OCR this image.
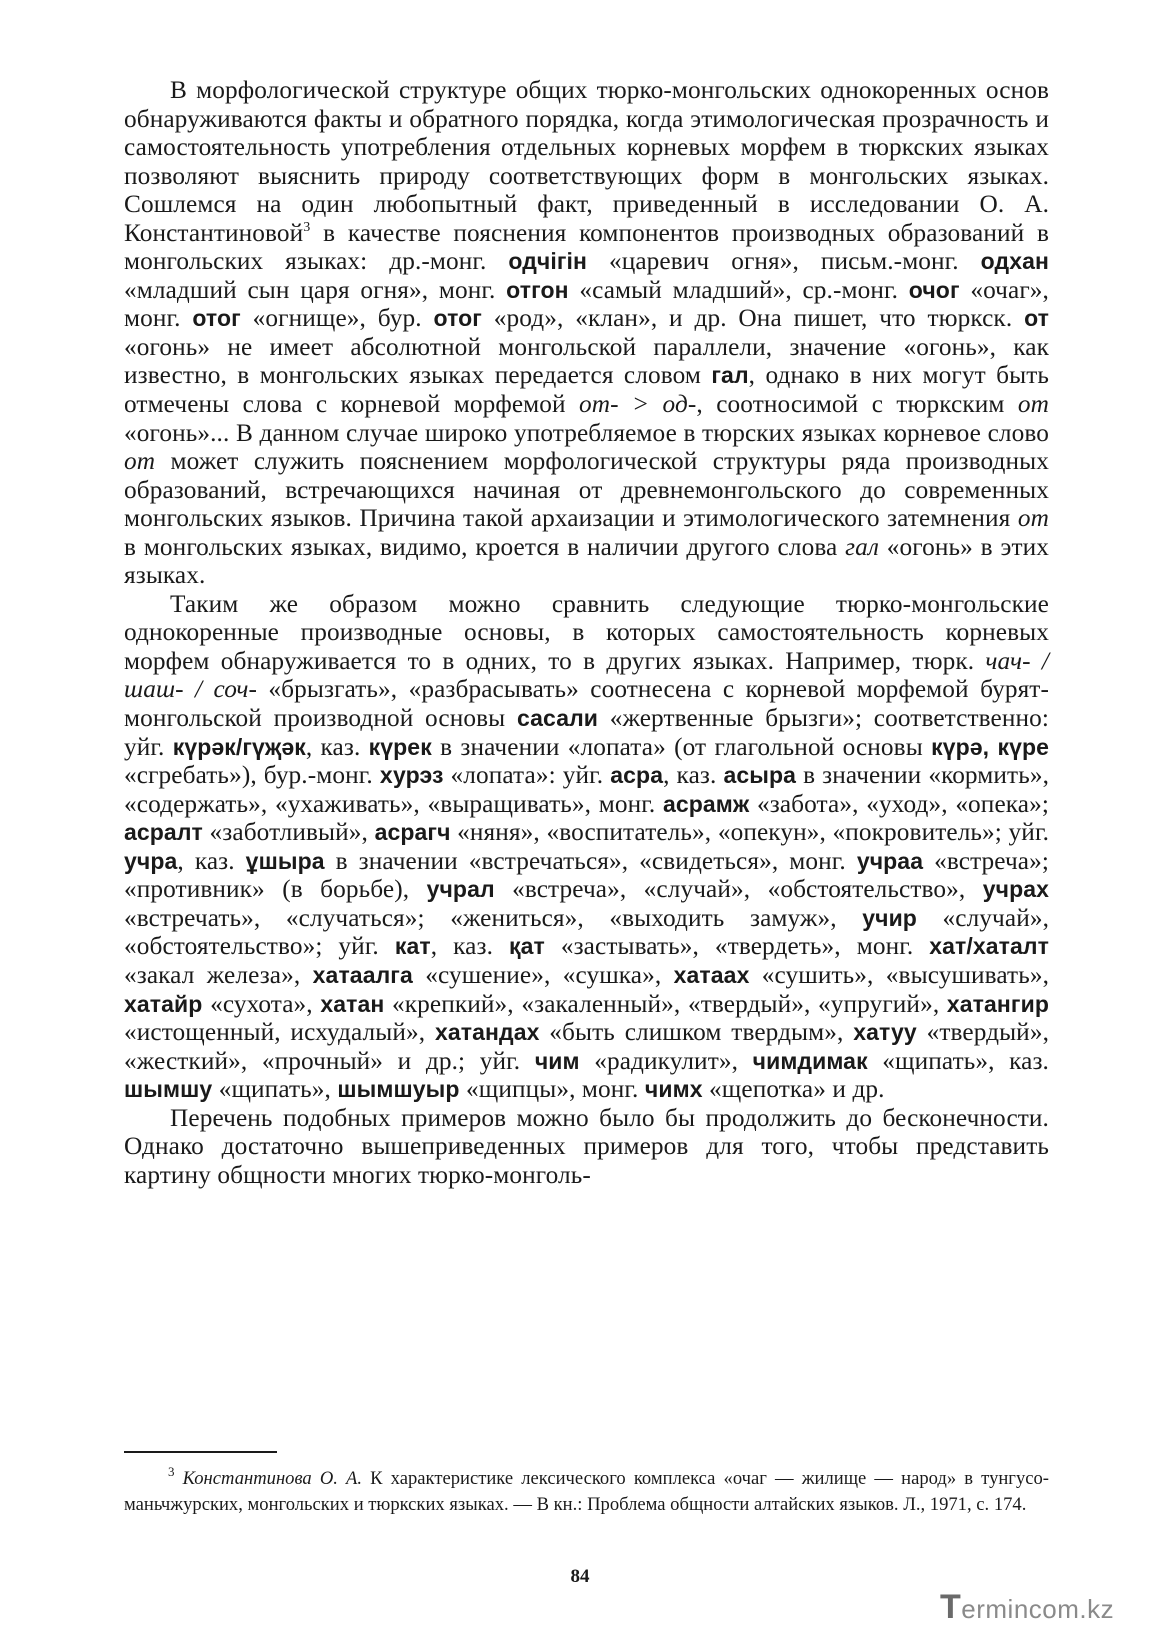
В морфологической структуре общих тюрко-монгольских однокоренных основ обнаруживаются факты и обратного порядка, когда этимологическая прозрачность и самостоятельность употребления отдельных корневых морфем в тюркских языках позволяют выяснить природу соответствующих форм в монгольских языках. Сошлемся на один любопытный факт, приведенный в исследовании О. А. Константиновой$^3$ в качестве пояснения компонентов производных образований в монгольских языках: др.-монг. одчігін «царевич огня», письм.-монг. одхан «младший сын царя огня», монг. отгон «самый младший», ср.-монг. очог «очаг», монг. отог «огнище», бур. отог «род», «клан», и др. Она пишет, что тюркск. от «огонь» не имеет абсолютной монгольской параллели, значение «огонь», как известно, в монгольских языках передается словом гал, однако в них могут быть отмечены слова с корневой морфемой от- > од-, соотносимой с тюркским от «огонь»... В данном случае широко употребляемое в тюрских языках корневое слово от может служить пояснением морфологической структуры ряда производных образований, встречающихся начиная от древнемонгольского до современных монгольских языков. Причина такой архаизации и этимологического затемнения от в монгольских языках, видимо, кроется в наличии другого слова гал «огонь» в этих языках.

Таким же образом можно сравнить следующие тюрко-монгольские однокоренные производные основы, в которых самостоятельность корневых морфем обнаруживается то в одних, то в других языках. Например, тюрк. чач- / шаш- / соч- «брызгать», «разбрасывать» соотнесена с корневой морфемой бурят-монгольской производной основы сасали «жертвенные брызги»; соответственно: уйг. күрәк/гүҗәк, каз. күрек в значении «лопата» (от глагольной основы күрә, күре «сгребать»), бур.-монг. хурэз «лопата»: уйг. асра, каз. асыра в значении «кормить», «содержать», «ухаживать», «выращивать», монг. асрамж «забота», «уход», «опека»; асралт «заботливый», асрагч «няня», «воспитатель», «опекун», «покровитель»; уйг. учра, каз. ұшыра в значении «встречаться», «свидеться», монг. учраа «встреча»; «противник» (в борьбе), учрал «встреча», «случай», «обстоятельство», учрах «встречать», «случаться»; «жениться», «выходить замуж», учир «случай», «обстоятельство»; уйг. кат, каз. қат «застывать», «твердеть», монг. хат/хаталт «закал железа», хатаалга «сушение», «сушка», хатаах «сушить», «высушивать», хатайр «сухота», хатан «крепкий», «закаленный», «твердый», «упругий», хатангир «истощенный, исхудалый», хатандах «быть слишком твердым», хатуу «твердый», «жесткий», «прочный» и др.; уйг. чим «радикулит», чимдимак «щипать», каз. шымшу «щипать», шымшуыр «щипцы», монг. чимх «щепотка» и др.

Перечень подобных примеров можно было бы продолжить до бесконечности. Однако достаточно вышеприведенных примеров для того, чтобы представить картину общности многих тюрко-монголь-

$^3$ Константинова О. А. К характеристике лексического комплекса «очаг — жилище — народ» в тунгусо-маньчжурских, монгольских и тюркских языках. — В кн.: Проблема общности алтайских языков. Л., 1971, с. 174.

84
Termincom.kz
